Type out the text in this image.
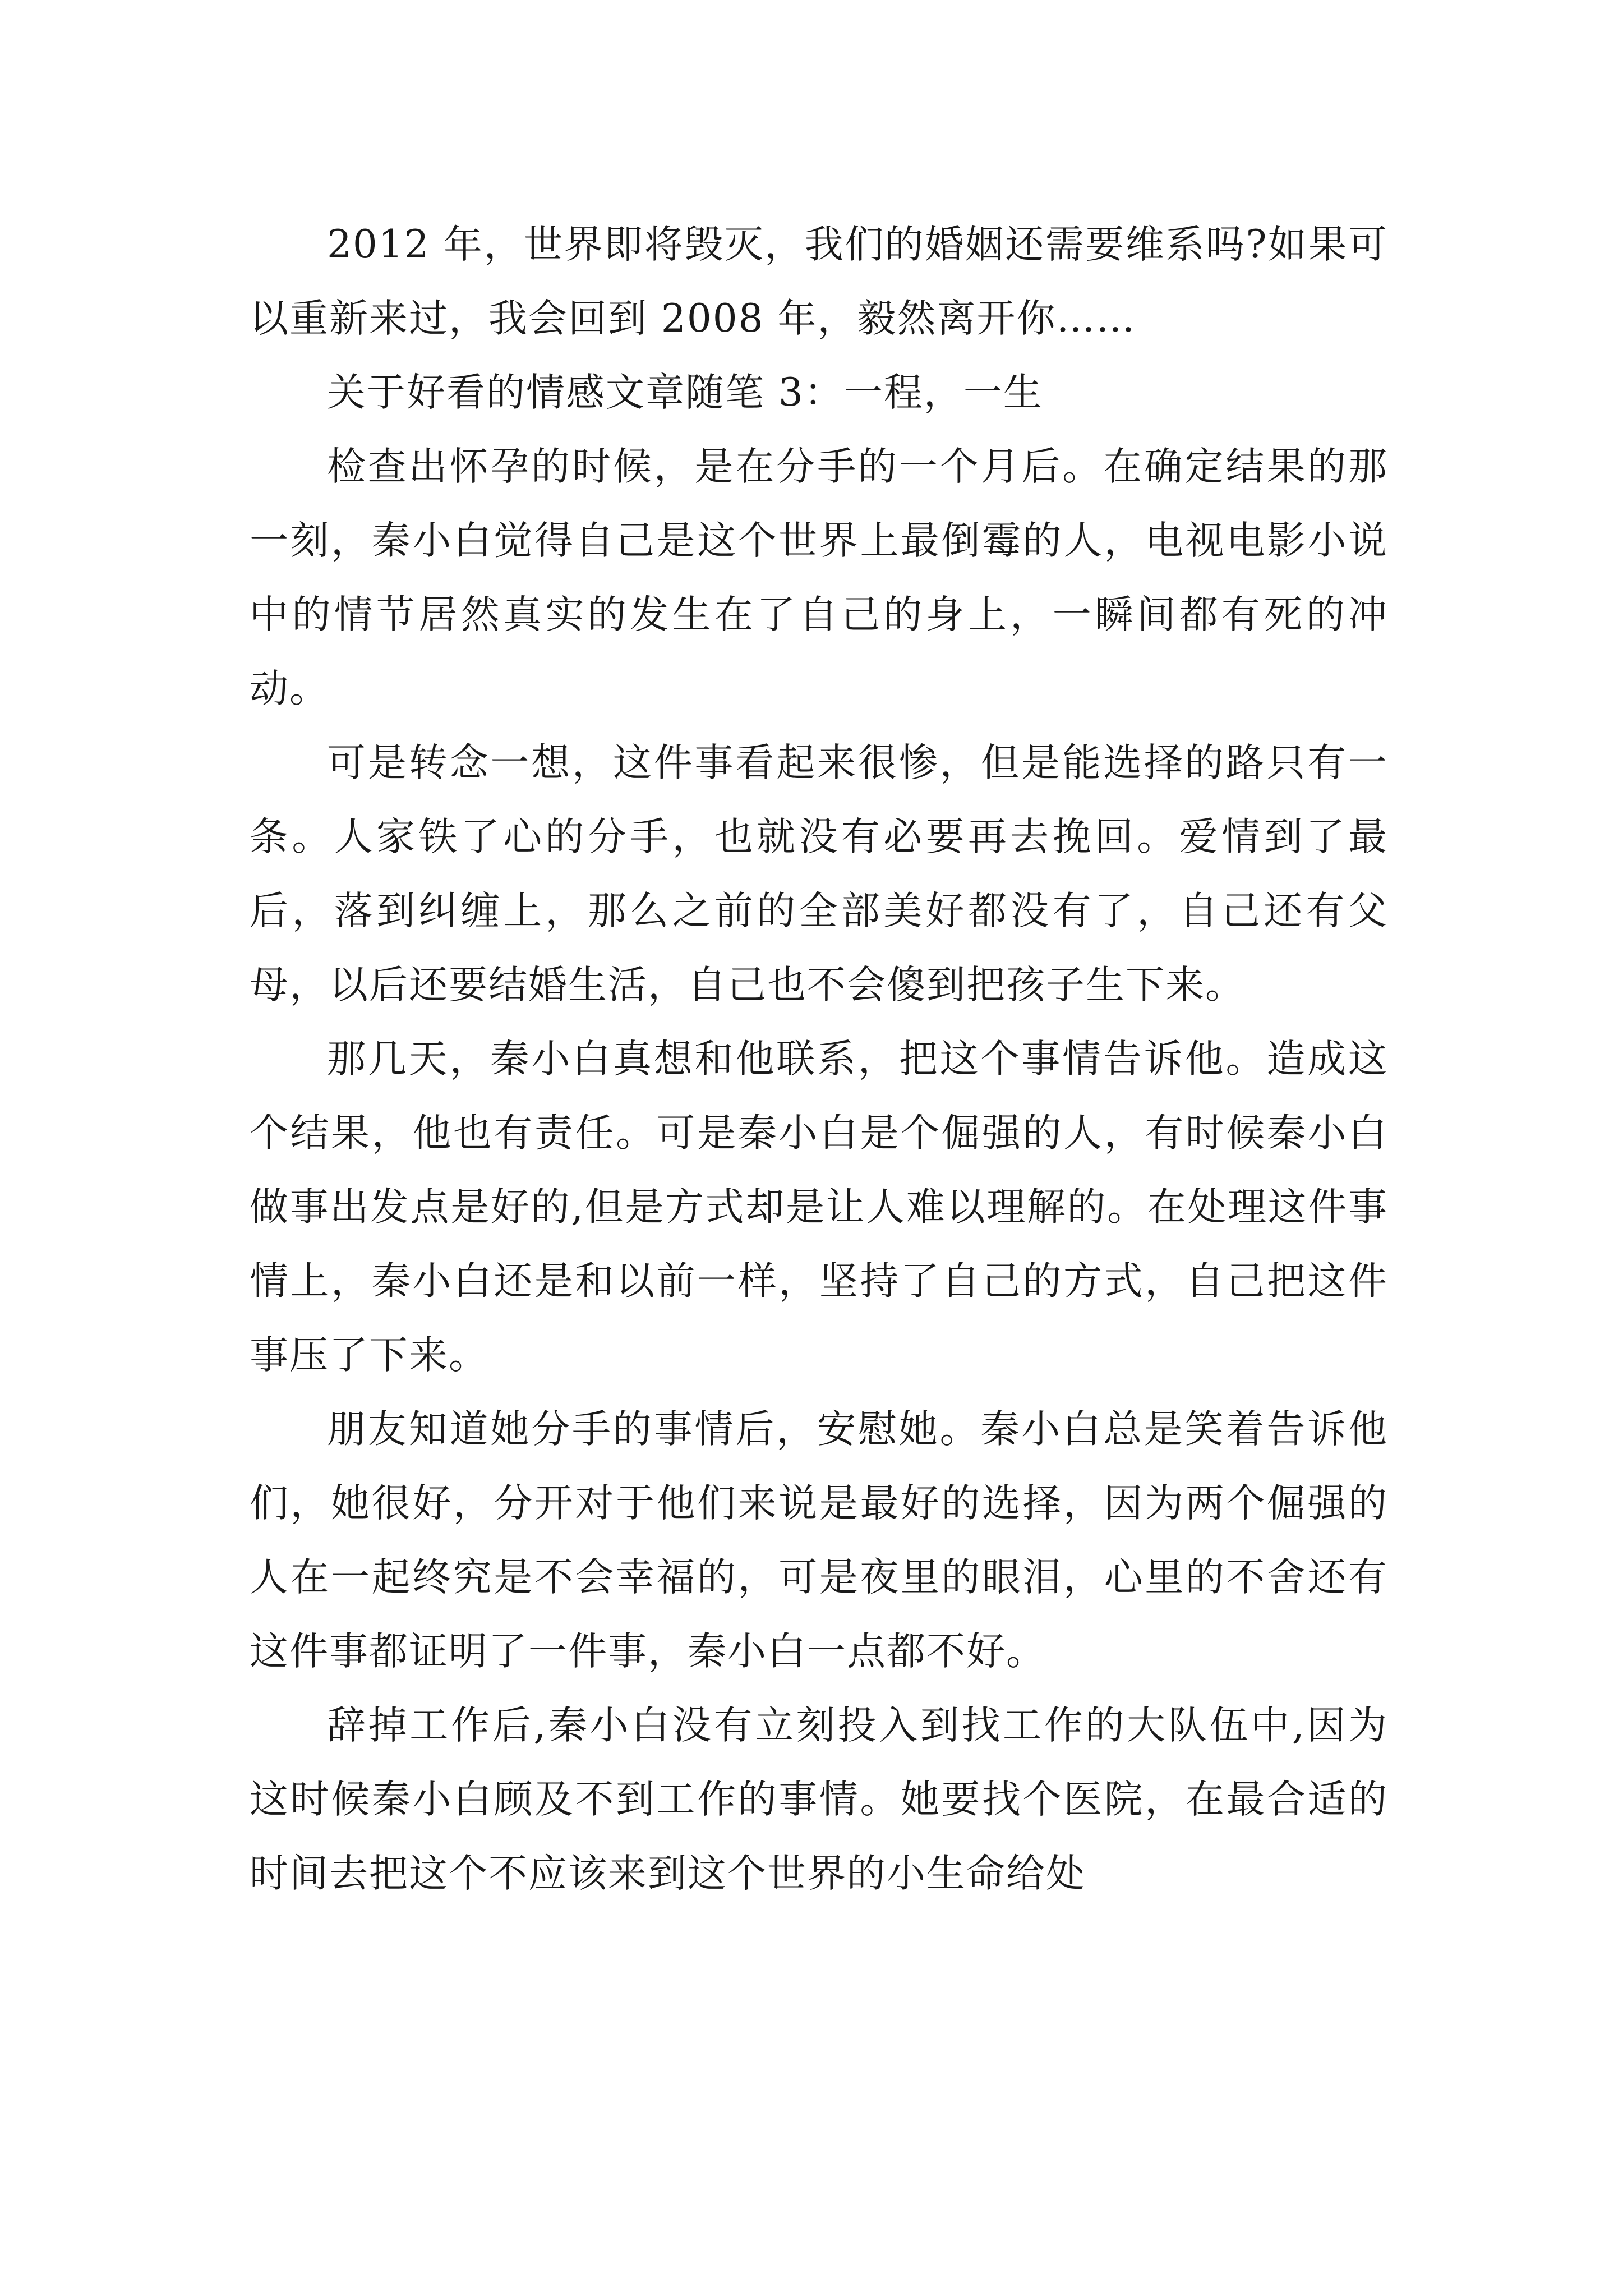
2012 年，世界即将毁灭，我们的婚姻还需要维系吗?如果可以重新来过，我会回到 2008 年，毅然离开你……

关于好看的情感文章随笔 3：一程，一生

检查出怀孕的时候，是在分手的一个月后。在确定结果的那一刻，秦小白觉得自己是这个世界上最倒霉的人，电视电影小说中的情节居然真实的发生在了自己的身上，一瞬间都有死的冲动。

可是转念一想，这件事看起来很惨，但是能选择的路只有一条。人家铁了心的分手，也就没有必要再去挽回。爱情到了最后，落到纠缠上，那么之前的全部美好都没有了，自己还有父母，以后还要结婚生活，自己也不会傻到把孩子生下来。

那几天，秦小白真想和他联系，把这个事情告诉他。造成这个结果，他也有责任。可是秦小白是个倔强的人，有时候秦小白做事出发点是好的,但是方式却是让人难以理解的。在处理这件事情上，秦小白还是和以前一样，坚持了自己的方式，自己把这件事压了下来。

朋友知道她分手的事情后，安慰她。秦小白总是笑着告诉他们，她很好，分开对于他们来说是最好的选择，因为两个倔强的人在一起终究是不会幸福的，可是夜里的眼泪，心里的不舍还有这件事都证明了一件事，秦小白一点都不好。

辞掉工作后,秦小白没有立刻投入到找工作的大队伍中,因为这时候秦小白顾及不到工作的事情。她要找个医院，在最合适的时间去把这个不应该来到这个世界的小生命给处
